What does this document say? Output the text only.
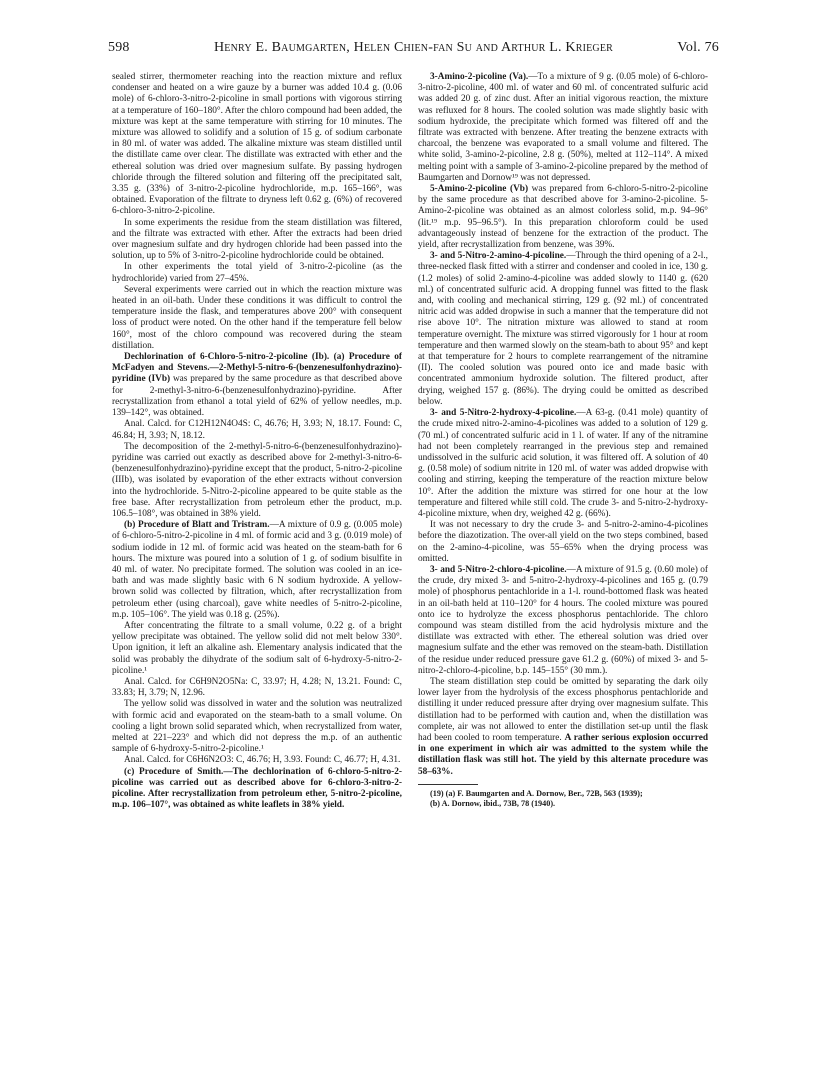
598	Henry E. Baumgarten, Helen Chien-fan Su and Arthur L. Krieger	Vol. 76

sealed stirrer, thermometer reaching into the reaction mixture and reflux condenser and heated on a wire gauze by a burner was added 10.4 g. (0.06 mole) of 6-chloro-3-nitro-2-picoline in small portions with vigorous stirring at a temperature of 160–180°. After the chloro compound had been added, the mixture was kept at the same temperature with stirring for 10 minutes. The mixture was allowed to solidify and a solution of 15 g. of sodium carbonate in 80 ml. of water was added. The alkaline mixture was steam distilled until the distillate came over clear. The distillate was extracted with ether and the ethereal solution was dried over magnesium sulfate. By passing hydrogen chloride through the filtered solution and filtering off the precipitated salt, 3.35 g. (33%) of 3-nitro-2-picoline hydrochloride, m.p. 165–166°, was obtained. Evaporation of the filtrate to dryness left 0.62 g. (6%) of recovered 6-chloro-3-nitro-2-picoline.

In some experiments the residue from the steam distillation was filtered, and the filtrate was extracted with ether. After the extracts had been dried over magnesium sulfate and dry hydrogen chloride had been passed into the solution, up to 5% of 3-nitro-2-picoline hydrochloride could be obtained.

In other experiments the total yield of 3-nitro-2-picoline (as the hydrochloride) varied from 27–45%.

Several experiments were carried out in which the reaction mixture was heated in an oil-bath. Under these conditions it was difficult to control the temperature inside the flask, and temperatures above 200° with consequent loss of product were noted. On the other hand if the temperature fell below 160°, most of the chloro compound was recovered during the steam distillation.

Dechlorination of 6-Chloro-5-nitro-2-picoline (Ib). (a) Procedure of McFadyen and Stevens.—2-Methyl-5-nitro-6-(benzenesulfonhydrazino)-pyridine (IVb) was prepared by the same procedure as that described above for 2-methyl-3-nitro-6-(benzenesulfonhydrazino)-pyridine. After recrystallization from ethanol a total yield of 62% of yellow needles, m.p. 139–142°, was obtained.

Anal. Calcd. for C12H12N4O4S: C, 46.76; H, 3.93; N, 18.17. Found: C, 46.84; H, 3.93; N, 18.12.

The decomposition of the 2-methyl-5-nitro-6-(benzenesulfonhydrazino)-pyridine was carried out exactly as described above for 2-methyl-3-nitro-6-(benzenesulfonhydrazino)-pyridine except that the product, 5-nitro-2-picoline (IIIb), was isolated by evaporation of the ether extracts without conversion into the hydrochloride. 5-Nitro-2-picoline appeared to be quite stable as the free base. After recrystallization from petroleum ether the product, m.p. 106.5–108°, was obtained in 38% yield.

(b) Procedure of Blatt and Tristram.—A mixture of 0.9 g. (0.005 mole) of 6-chloro-5-nitro-2-picoline in 4 ml. of formic acid and 3 g. (0.019 mole) of sodium iodide in 12 ml. of formic acid was heated on the steam-bath for 6 hours. The mixture was poured into a solution of 1 g. of sodium bisulfite in 40 ml. of water. No precipitate formed. The solution was cooled in an ice-bath and was made slightly basic with 6 N sodium hydroxide. A yellow-brown solid was collected by filtration, which, after recrystallization from petroleum ether (using charcoal), gave white needles of 5-nitro-2-picoline, m.p. 105–106°. The yield was 0.18 g. (25%).

After concentrating the filtrate to a small volume, 0.22 g. of a bright yellow precipitate was obtained. The yellow solid did not melt below 330°. Upon ignition, it left an alkaline ash. Elementary analysis indicated that the solid was probably the dihydrate of the sodium salt of 6-hydroxy-5-nitro-2-picoline.¹

Anal. Calcd. for C6H9N2O5Na: C, 33.97; H, 4.28; N, 13.21. Found: C, 33.83; H, 3.79; N, 12.96.

The yellow solid was dissolved in water and the solution was neutralized with formic acid and evaporated on the steam-bath to a small volume. On cooling a light brown solid separated which, when recrystallized from water, melted at 221–223° and which did not depress the m.p. of an authentic sample of 6-hydroxy-5-nitro-2-picoline.¹

Anal. Calcd. for C6H6N2O3: C, 46.76; H, 3.93. Found: C, 46.77; H, 4.31.

(c) Procedure of Smith.—The dechlorination of 6-chloro-5-nitro-2-picoline was carried out as described above for 6-chloro-3-nitro-2-picoline. After recrystallization from petroleum ether, 5-nitro-2-picoline, m.p. 106–107°, was obtained as white leaflets in 38% yield.

3-Amino-2-picoline (Va).—To a mixture of 9 g. (0.05 mole) of 6-chloro-3-nitro-2-picoline, 400 ml. of water and 60 ml. of concentrated sulfuric acid was added 20 g. of zinc dust. After an initial vigorous reaction, the mixture was refluxed for 8 hours. The cooled solution was made slightly basic with sodium hydroxide, the precipitate which formed was filtered off and the filtrate was extracted with benzene. After treating the benzene extracts with charcoal, the benzene was evaporated to a small volume and filtered. The white solid, 3-amino-2-picoline, 2.8 g. (50%), melted at 112–114°. A mixed melting point with a sample of 3-amino-2-picoline prepared by the method of Baumgarten and Dornow¹⁹ was not depressed.

5-Amino-2-picoline (Vb) was prepared from 6-chloro-5-nitro-2-picoline by the same procedure as that described above for 3-amino-2-picoline. 5-Amino-2-picoline was obtained as an almost colorless solid, m.p. 94–96° (lit.¹⁹ m.p. 95–96.5°). In this preparation chloroform could be used advantageously instead of benzene for the extraction of the product. The yield, after recrystallization from benzene, was 39%.

3- and 5-Nitro-2-amino-4-picoline.—Through the third opening of a 2-l., three-necked flask fitted with a stirrer and condenser and cooled in ice, 130 g. (1.2 moles) of solid 2-amino-4-picoline was added slowly to 1140 g. (620 ml.) of concentrated sulfuric acid. A dropping funnel was fitted to the flask and, with cooling and mechanical stirring, 129 g. (92 ml.) of concentrated nitric acid was added dropwise in such a manner that the temperature did not rise above 10°. The nitration mixture was allowed to stand at room temperature overnight. The mixture was stirred vigorously for 1 hour at room temperature and then warmed slowly on the steam-bath to about 95° and kept at that temperature for 2 hours to complete rearrangement of the nitramine (II). The cooled solution was poured onto ice and made basic with concentrated ammonium hydroxide solution. The filtered product, after drying, weighed 157 g. (86%). The drying could be omitted as described below.

3- and 5-Nitro-2-hydroxy-4-picoline.—A 63-g. (0.41 mole) quantity of the crude mixed nitro-2-amino-4-picolines was added to a solution of 129 g. (70 ml.) of concentrated sulfuric acid in 1 l. of water. If any of the nitramine had not been completely rearranged in the previous step and remained undissolved in the sulfuric acid solution, it was filtered off. A solution of 40 g. (0.58 mole) of sodium nitrite in 120 ml. of water was added dropwise with cooling and stirring, keeping the temperature of the reaction mixture below 10°. After the addition the mixture was stirred for one hour at the low temperature and filtered while still cold. The crude 3- and 5-nitro-2-hydroxy-4-picoline mixture, when dry, weighed 42 g. (66%).

It was not necessary to dry the crude 3- and 5-nitro-2-amino-4-picolines before the diazotization. The over-all yield on the two steps combined, based on the 2-amino-4-picoline, was 55–65% when the drying process was omitted.

3- and 5-Nitro-2-chloro-4-picoline.—A mixture of 91.5 g. (0.60 mole) of the crude, dry mixed 3- and 5-nitro-2-hydroxy-4-picolines and 165 g. (0.79 mole) of phosphorus pentachloride in a 1-l. round-bottomed flask was heated in an oil-bath held at 110–120° for 4 hours. The cooled mixture was poured onto ice to hydrolyze the excess phosphorus pentachloride. The chloro compound was steam distilled from the acid hydrolysis mixture and the distillate was extracted with ether. The ethereal solution was dried over magnesium sulfate and the ether was removed on the steam-bath. Distillation of the residue under reduced pressure gave 61.2 g. (60%) of mixed 3- and 5-nitro-2-chloro-4-picoline, b.p. 145–155° (30 mm.).

The steam distillation step could be omitted by separating the dark oily lower layer from the hydrolysis of the excess phosphorus pentachloride and distilling it under reduced pressure after drying over magnesium sulfate. This distillation had to be performed with caution and, when the distillation was complete, air was not allowed to enter the distillation set-up until the flask had been cooled to room temperature. A rather serious explosion occurred in one experiment in which air was admitted to the system while the distillation flask was still hot. The yield by this alternate procedure was 58–63%.

(19) (a) F. Baumgarten and A. Dornow, Ber., 72B, 563 (1939);

(b) A. Dornow, ibid., 73B, 78 (1940).
